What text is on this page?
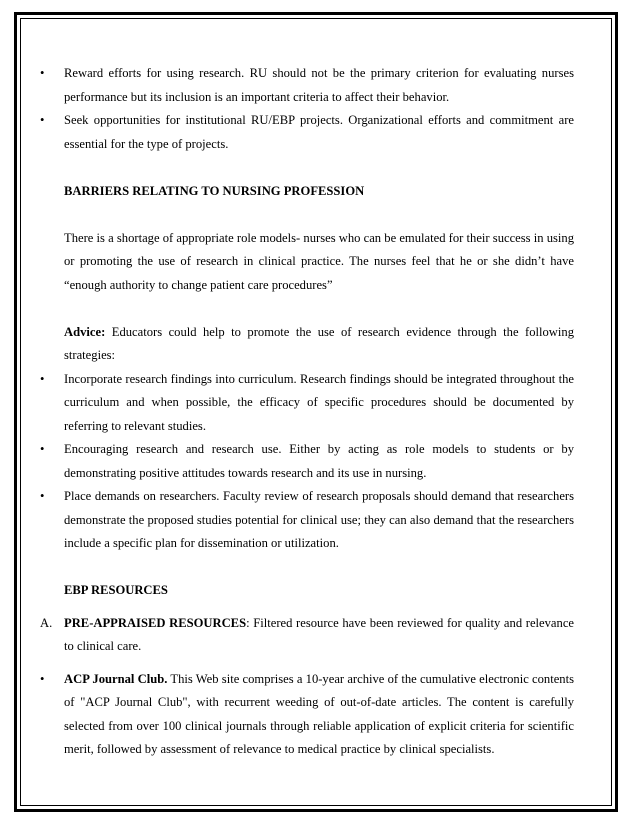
•	Reward efforts for using research. RU should not be the primary criterion for evaluating nurses performance but its inclusion is an important criteria to affect their behavior.

•	Seek opportunities for institutional RU/EBP projects. Organizational efforts and commitment are essential for the type of projects.

BARRIERS RELATING TO NURSING PROFESSION

There is a shortage of appropriate role models- nurses who can be emulated for their success in using or promoting the use of research in clinical practice. The nurses feel that he or she didn’t have “enough authority to change patient care procedures”

Advice: Educators could help to promote the use of research evidence through the following strategies:

•	Incorporate research findings into curriculum. Research findings should be integrated throughout the curriculum and when possible, the efficacy of specific procedures should be documented by referring to relevant studies.

•	Encouraging research and research use. Either by acting as role models to students or by demonstrating positive attitudes towards research and its use in nursing.

•	Place demands on researchers. Faculty review of research proposals should demand that researchers demonstrate the proposed studies potential for clinical use; they can also demand that the researchers include a specific plan for dissemination or utilization.

EBP RESOURCES

A. PRE-APPRAISED RESOURCES: Filtered resource have been reviewed for quality and relevance to clinical care.

•	ACP Journal Club. This Web site comprises a 10-year archive of the cumulative electronic contents of "ACP Journal Club", with recurrent weeding of out-of-date articles. The content is carefully selected from over 100 clinical journals through reliable application of explicit criteria for scientific merit, followed by assessment of relevance to medical practice by clinical specialists.
